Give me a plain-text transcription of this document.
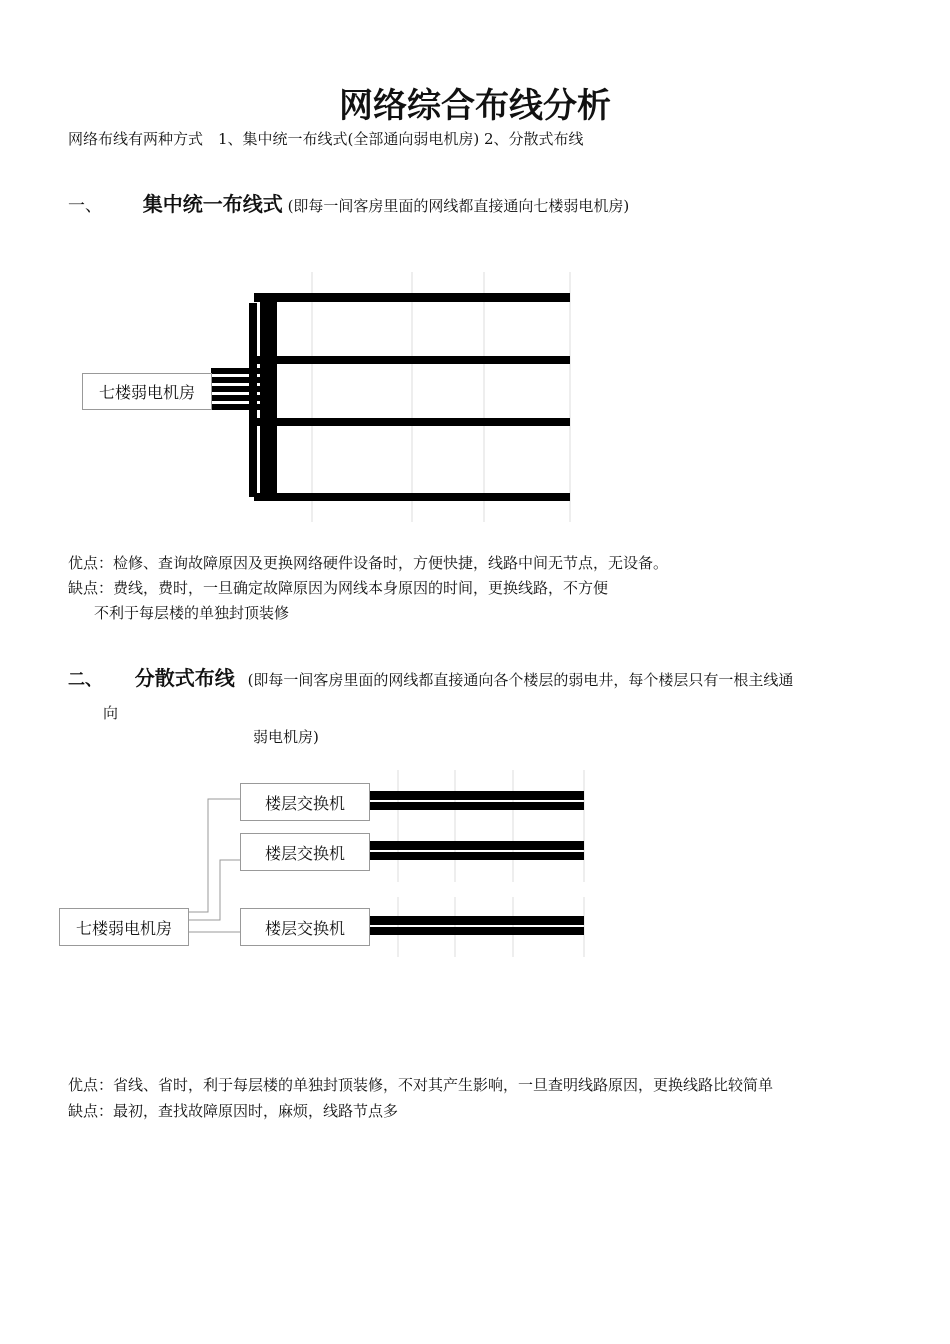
网络综合布线分析
网络布线有两种方式　1、集中统一布线式(全部通向弱电机房) 2、分散式布线
一、 集中统一布线式 (即每一间客房里面的网线都直接通向七楼弱电机房)
七楼弱电机房
优点：检修、查询故障原因及更换网络硬件设备时，方便快捷，线路中间无节点，无设备。
缺点：费线，费时，一旦确定故障原因为网线本身原因的时间，更换线路，不方便
不利于每层楼的单独封顶装修
二、 分散式布线 (即每一间客房里面的网线都直接通向各个楼层的弱电井，每个楼层只有一根主线通
向
弱电机房)
楼层交换机
楼层交换机
楼层交换机
七楼弱电机房
优点：省线、省时，利于每层楼的单独封顶装修，不对其产生影响，一旦查明线路原因，更换线路比较简单
缺点：最初，查找故障原因时，麻烦，线路节点多
